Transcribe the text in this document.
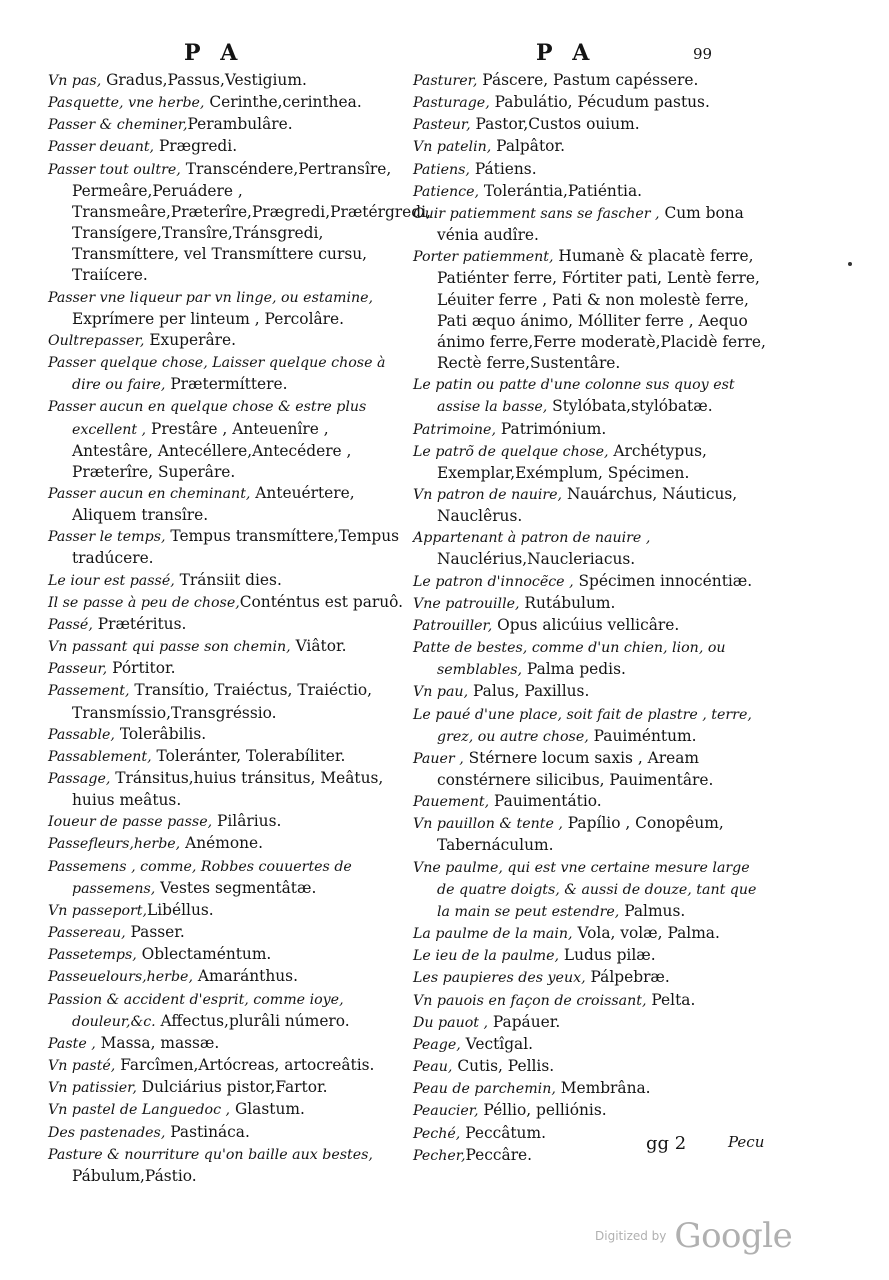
P A	P A	99

Vn pas, Gradus,Passus,Vestigium.

Pasquette, vne herbe, Cerinthe,cerinthea.

Passer & cheminer,Perambulâre.

Passer deuant, Prægredi.

Passer tout oultre, Transcéndere,Pertransîre, Permeâre,Peruádere , Transmeâre,Præterîre,Prægredi,Prætérgredi, Transígere,Transîre,Tránsgredi, Transmíttere, vel Transmíttere cursu, Traiícere.

Passer vne liqueur par vn linge, ou estamine, Exprímere per linteum , Percolâre.

Oultrepasser, Exuperâre.

Passer quelque chose, Laisser quelque chose à dire ou faire, Prætermíttere.

Passer aucun en quelque chose & estre plus excellent , Prestâre , Anteuenîre , Antestâre, Antecéllere,Antecédere , Præterîre, Superâre.

Passer aucun en cheminant, Anteuértere, Aliquem transîre.

Passer le temps, Tempus transmíttere,Tempus tradúcere.

Le iour est passé, Tránsiit dies.

Il se passe à peu de chose,Conténtus est paruô.

Passé, Prætéritus.

Vn passant qui passe son chemin, Viâtor.

Passeur, Pórtitor.

Passement, Transítio, Traiéctus, Traiéctio, Transmíssio,Transgréssio.

Passable, Tolerâbilis.

Passablement, Toleránter, Tolerabíliter.

Passage, Tránsitus,huius tránsitus, Meâtus, huius meâtus.

Ioueur de passe passe, Pilârius.

Passefleurs,herbe, Anémone.

Passemens , comme, Robbes couuertes de passemens, Vestes segmentâtæ.

Vn passeport,Libéllus.

Passereau, Passer.

Passetemps, Oblectaméntum.

Passeuelours,herbe, Amaránthus.

Passion & accident d'esprit, comme ioye, douleur,&c. Affectus,plurâli número.

Paste , Massa, massæ.

Vn pasté, Farcîmen,Artócreas, artocreâtis.

Vn patissier, Dulciárius pistor,Fartor.

Vn pastel de Languedoc , Glastum.

Des pastenades, Pastináca.

Pasture & nourriture qu'on baille aux bestes, Pábulum,Pástio.

Pasturer, Páscere, Pastum capéssere.

Pasturage, Pabulátio, Pécudum pastus.

Pasteur, Pastor,Custos ouium.

Vn patelin, Palpâtor.

Patiens, Pátiens.

Patience, Tolerántia,Patiéntia.

Ouir patiemment sans se fascher , Cum bona vénia audîre.

Porter patiemment, Humanè & placatè ferre, Patiénter ferre, Fórtiter pati, Lentè ferre, Léuiter ferre , Pati & non molestè ferre, Pati æquo ánimo, Mólliter ferre , Aequo ánimo ferre,Ferre moderatè,Placidè ferre, Rectè ferre,Sustentâre.

Le patin ou patte d'une colonne sus quoy est assise la basse, Stylóbata,stylóbatæ.

Patrimoine, Patrimónium.

Le patrõ de quelque chose, Archétypus, Exemplar,Exémplum, Spécimen.

Vn patron de nauire, Nauárchus, Náuticus, Nauclêrus.

Appartenant à patron de nauire , Nauclérius,Naucleriacus.

Le patron d'innocẽce , Spécimen innocéntiæ.

Vne patrouille, Rutábulum.

Patrouiller, Opus alicúius vellicâre.

Patte de bestes, comme d'un chien, lion, ou semblables, Palma pedis.

Vn pau, Palus, Paxillus.

Le paué d'une place, soit fait de plastre , terre, grez, ou autre chose, Pauiméntum.

Pauer , Stérnere locum saxis , Aream constérnere silicibus, Pauimentâre.

Pauement, Pauimentátio.

Vn pauillon & tente , Papílio , Conopêum, Tabernáculum.

Vne paulme, qui est vne certaine mesure large de quatre doigts, & aussi de douze, tant que la main se peut estendre, Palmus.

La paulme de la main, Vola, volæ, Palma.

Le ieu de la paulme, Ludus pilæ.

Les paupieres des yeux, Pálpebræ.

Vn pauois en façon de croissant, Pelta.

Du pauot , Papáuer.

Peage, Vectîgal.

Peau, Cutis, Pellis.

Peau de parchemin, Membrâna.

Peaucier, Péllio, pelliónis.

Peché, Peccâtum.

Pecher,Peccâre.

gg 2	Pecu
Digitized by Google
